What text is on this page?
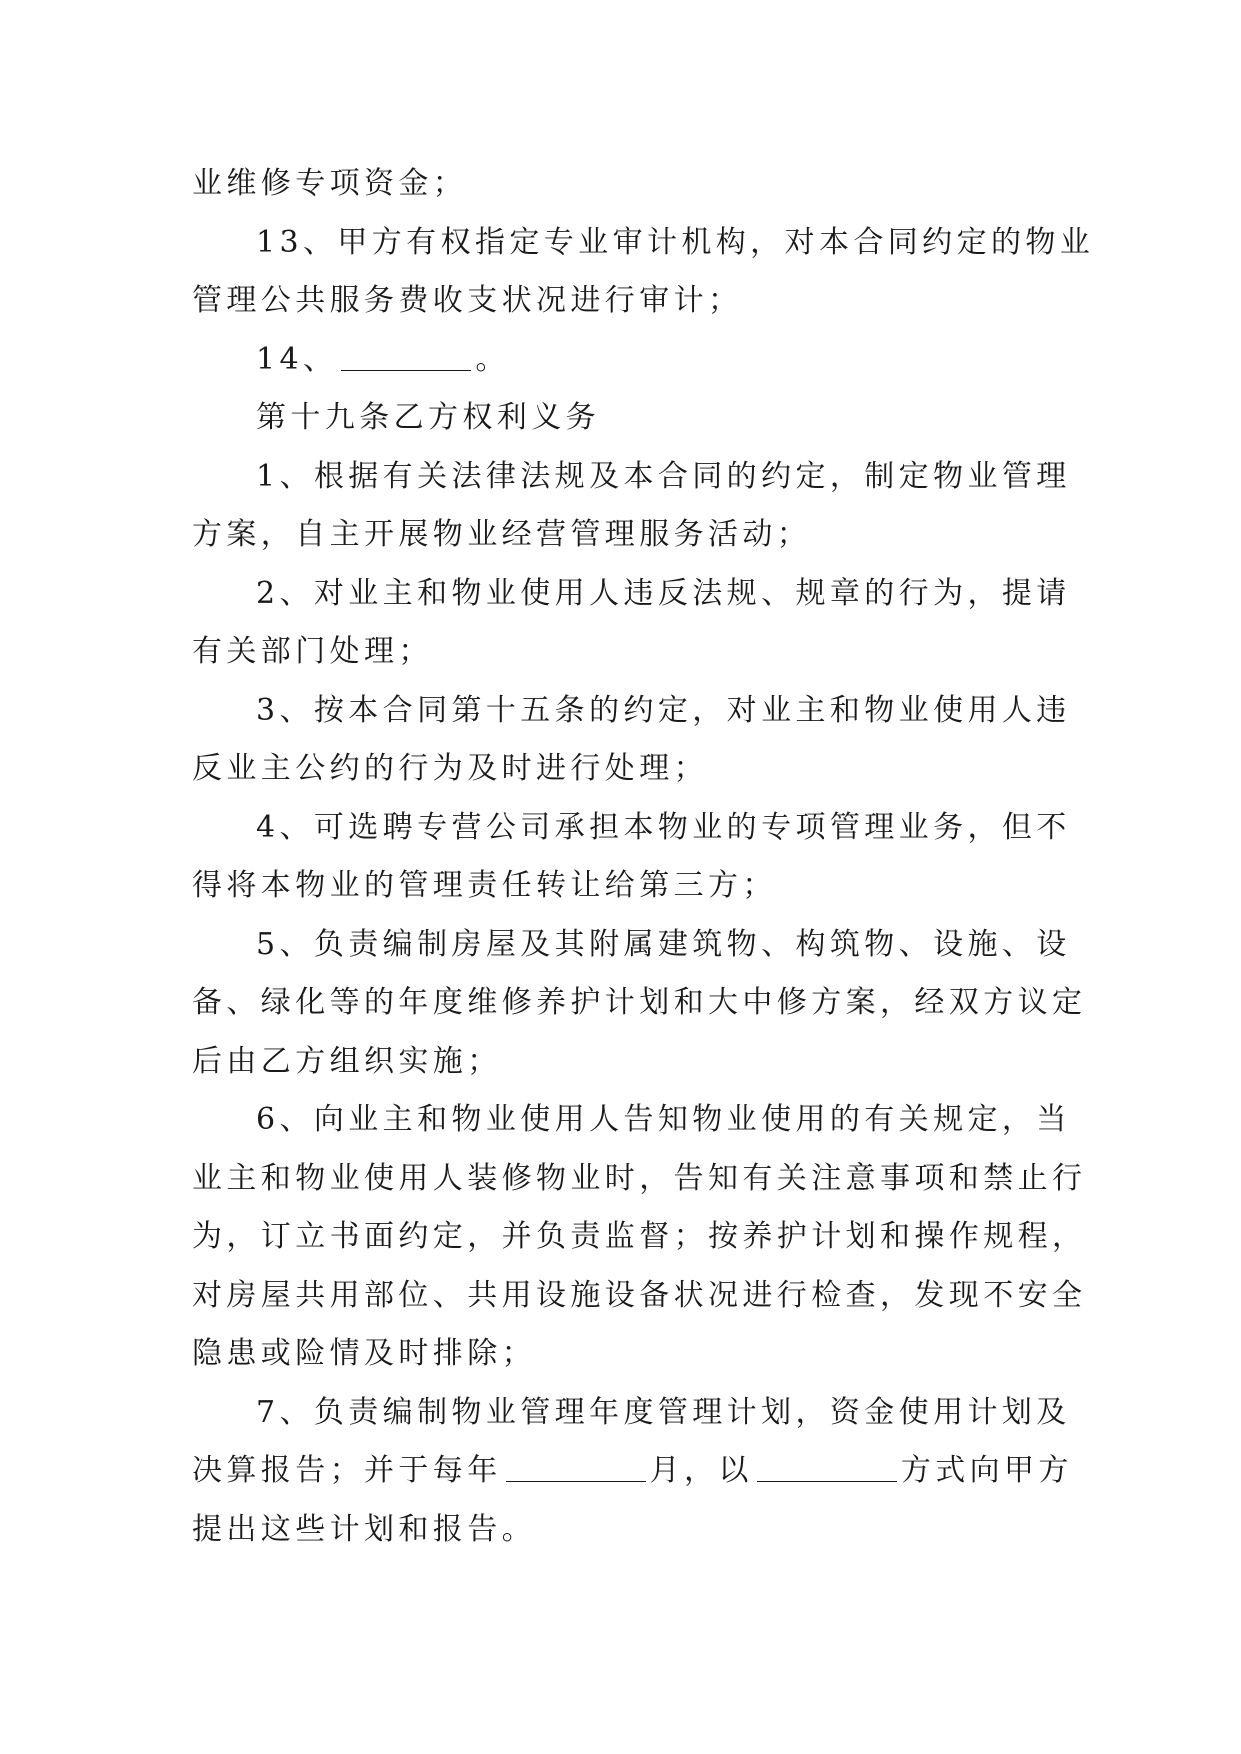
业维修专项资金；
13、甲方有权指定专业审计机构，对本合同约定的物业
管理公共服务费收支状况进行审计；
14、	。
第十九条乙方权利义务
1、根据有关法律法规及本合同的约定，制定物业管理
方案，自主开展物业经营管理服务活动；
2、对业主和物业使用人违反法规、规章的行为，提请
有关部门处理；
3、按本合同第十五条的约定，对业主和物业使用人违
反业主公约的行为及时进行处理；
4、可选聘专营公司承担本物业的专项管理业务，但不
得将本物业的管理责任转让给第三方；
5、负责编制房屋及其附属建筑物、构筑物、设施、设
备、绿化等的年度维修养护计划和大中修方案，经双方议定
后由乙方组织实施；
6、向业主和物业使用人告知物业使用的有关规定，当
业主和物业使用人装修物业时，告知有关注意事项和禁止行
为，订立书面约定，并负责监督；按养护计划和操作规程，
对房屋共用部位、共用设施设备状况进行检查，发现不安全
隐患或险情及时排除；
7、负责编制物业管理年度管理计划，资金使用计划及
决算报告；并于每年	月，以	方式向甲方
提出这些计划和报告。
